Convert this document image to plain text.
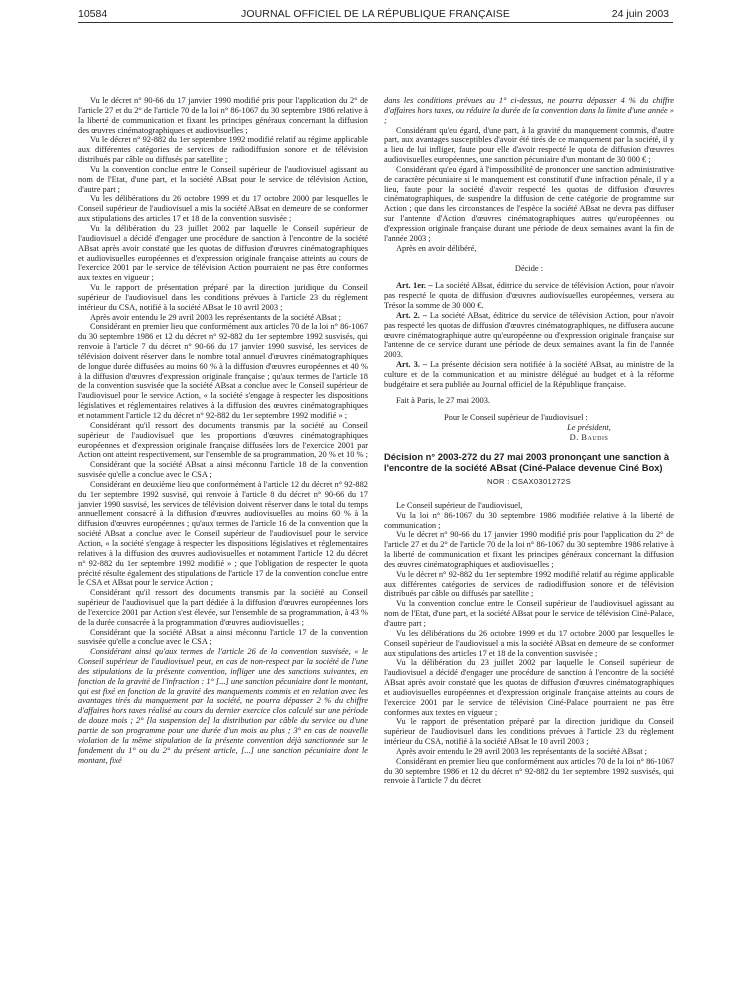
10584	JOURNAL OFFICIEL DE LA RÉPUBLIQUE FRANÇAISE	24 juin 2003

Vu le décret n° 90-66 du 17 janvier 1990 modifié pris pour l'application du 2° de l'article 27 et du 2° de l'article 70 de la loi n° 86-1067 du 30 septembre 1986 relative à la liberté de communication et fixant les principes généraux concernant la diffusion des œuvres cinématographiques et audiovisuelles ;

Vu le décret n° 92-882 du 1er septembre 1992 modifié relatif au régime applicable aux différentes catégories de services de radiodiffusion sonore et de télévision distribués par câble ou diffusés par satellite ;

Vu la convention conclue entre le Conseil supérieur de l'audiovisuel agissant au nom de l'Etat, d'une part, et la société ABsat pour le service de télévision Action, d'autre part ;

Vu les délibérations du 26 octobre 1999 et du 17 octobre 2000 par lesquelles le Conseil supérieur de l'audiovisuel a mis la société ABsat en demeure de se conformer aux stipulations des articles 17 et 18 de la convention susvisée ;

Vu la délibération du 23 juillet 2002 par laquelle le Conseil supérieur de l'audiovisuel a décidé d'engager une procédure de sanction à l'encontre de la société ABsat après avoir constaté que les quotas de diffusion d'œuvres cinématographiques et audiovisuelles européennes et d'expression originale française atteints au cours de l'exercice 2001 par le service de télévision Action pourraient ne pas être conformes aux textes en vigueur ;

Vu le rapport de présentation préparé par la direction juridique du Conseil supérieur de l'audiovisuel dans les conditions prévues à l'article 23 du règlement intérieur du CSA, notifié à la société ABsat le 10 avril 2003 ;

Après avoir entendu le 29 avril 2003 les représentants de la société ABsat ;

Considérant en premier lieu que conformément aux articles 70 de la loi n° 86-1067 du 30 septembre 1986 et 12 du décret n° 92-882 du 1er septembre 1992 susvisés, qui renvoie à l'article 7 du décret n° 90-66 du 17 janvier 1990 susvisé, les services de télévision doivent réserver dans le nombre total annuel d'œuvres cinématographiques de longue durée diffusées au moins 60 % à la diffusion d'œuvres européennes et 40 % à la diffusion d'œuvres d'expression originale française ; qu'aux termes de l'article 18 de la convention susvisée que la société ABsat a conclue avec le Conseil supérieur de l'audiovisuel pour le service Action, « la société s'engage à respecter les dispositions législatives et réglementaires relatives à la diffusion des œuvres cinématographiques et notamment l'article 12 du décret n° 92-882 du 1er septembre 1992 modifié » ;

Considérant qu'il ressort des documents transmis par la société au Conseil supérieur de l'audiovisuel que les proportions d'œuvres cinématographiques européennes et d'expression originale française diffusées lors de l'exercice 2001 par Action ont atteint respectivement, sur l'ensemble de sa programmation, 20 % et 10 % ;

Considérant que la société ABsat a ainsi méconnu l'article 18 de la convention susvisée qu'elle a conclue avec le CSA ;

Considérant en deuxième lieu que conformément à l'article 12 du décret n° 92-882 du 1er septembre 1992 susvisé, qui renvoie à l'article 8 du décret n° 90-66 du 17 janvier 1990 susvisé, les services de télévision doivent réserver dans le total du temps annuellement consacré à la diffusion d'œuvres audiovisuelles au moins 60 % à la diffusion d'œuvres européennes ; qu'aux termes de l'article 16 de la convention que la société ABsat a conclue avec le Conseil supérieur de l'audiovisuel pour le service Action, « la société s'engage à respecter les dispositions législatives et réglementaires relatives à la diffusion des œuvres audiovisuelles et notamment l'article 12 du décret n° 92-882 du 1er septembre 1992 modifié » ; que l'obligation de respecter le quota précité résulte également des stipulations de l'article 17 de la convention conclue entre le CSA et ABsat pour le service Action ;

Considérant qu'il ressort des documents transmis par la société au Conseil supérieur de l'audiovisuel que la part dédiée à la diffusion d'œuvres européennes lors de l'exercice 2001 par Action s'est élevée, sur l'ensemble de sa programmation, à 43 % de la durée consacrée à la programmation d'œuvres audiovisuelles ;

Considérant que la société ABsat a ainsi méconnu l'article 17 de la convention susvisée qu'elle a conclue avec le CSA ;

Considérant ainsi qu'aux termes de l'article 26 de la convention susvisée, « le Conseil supérieur de l'audiovisuel peut, en cas de non-respect par la société de l'une des stipulations de la présente convention, infliger une des sanctions suivantes, en fonction de la gravité de l'infraction : 1° [...] une sanction pécuniaire dont le montant, qui est fixé en fonction de la gravité des manquements commis et en relation avec les avantages tirés du manquement par la société, ne pourra dépasser 2 % du chiffre d'affaires hors taxes réalisé au cours du dernier exercice clos calculé sur une période de douze mois ; 2° [la suspension de] la distribution par câble du service ou d'une partie de son programme pour une durée d'un mois au plus ; 3° en cas de nouvelle violation de la même stipulation de la présente convention déjà sanctionnée sur le fondement du 1° ou du 2° du présent article, [...] une sanction pécuniaire dont le montant, fixé

dans les conditions prévues au 1° ci-dessus, ne pourra dépasser 4 % du chiffre d'affaires hors taxes, ou réduire la durée de la convention dans la limite d'une année » ;

Considérant qu'eu égard, d'une part, à la gravité du manquement commis, d'autre part, aux avantages susceptibles d'avoir été tirés de ce manquement par la société, il y a lieu de lui infliger, faute pour elle d'avoir respecté le quota de diffusion d'œuvres audiovisuelles européennes, une sanction pécuniaire d'un montant de 30 000 € ;

Considérant qu'eu égard à l'impossibilité de prononcer une sanction administrative de caractère pécuniaire si le manquement est constitutif d'une infraction pénale, il y a lieu, faute pour la société d'avoir respecté les quotas de diffusion d'œuvres cinématographiques, de suspendre la diffusion de cette catégorie de programme sur Action ; que dans les circonstances de l'espèce la société ABsat ne devra pas diffuser sur l'antenne d'Action d'œuvres cinématographiques autres qu'européennes ou d'expression originale française durant une période de deux semaines avant la fin de l'année 2003 ;

Après en avoir délibéré,

Décide :

Art. 1er. – La société ABsat, éditrice du service de télévision Action, pour n'avoir pas respecté le quota de diffusion d'œuvres audiovisuelles européennes, versera au Trésor la somme de 30 000 €.

Art. 2. – La société ABsat, éditrice du service de télévision Action, pour n'avoir pas respecté les quotas de diffusion d'œuvres cinématographiques, ne diffusera aucune œuvre cinématographique autre qu'européenne ou d'expression originale française sur l'antenne de ce service durant une période de deux semaines avant la fin de l'année 2003.

Art. 3. – La présente décision sera notifiée à la société ABsat, au ministre de la culture et de la communication et au ministre délégué au budget et à la réforme budgétaire et sera publiée au Journal officiel de la République française.

Fait à Paris, le 27 mai 2003.

Pour le Conseil supérieur de l'audiovisuel :

Le président,

D. Baudis

Décision n° 2003-272 du 27 mai 2003 prononçant une sanction à l'encontre de la société ABsat (Ciné-Palace devenue Ciné Box)

NOR : CSAX0301272S

Le Conseil supérieur de l'audiovisuel,

Vu la loi n° 86-1067 du 30 septembre 1986 modifiée relative à la liberté de communication ;

Vu le décret n° 90-66 du 17 janvier 1990 modifié pris pour l'application du 2° de l'article 27 et du 2° de l'article 70 de la loi n° 86-1067 du 30 septembre 1986 relative à la liberté de communication et fixant les principes généraux concernant la diffusion des œuvres cinématographiques et audiovisuelles ;

Vu le décret n° 92-882 du 1er septembre 1992 modifié relatif au régime applicable aux différentes catégories de services de radiodiffusion sonore et de télévision distribués par câble ou diffusés par satellite ;

Vu la convention conclue entre le Conseil supérieur de l'audiovisuel agissant au nom de l'Etat, d'une part, et la société ABsat pour le service de télévision Ciné-Palace, d'autre part ;

Vu les délibérations du 26 octobre 1999 et du 17 octobre 2000 par lesquelles le Conseil supérieur de l'audiovisuel a mis la société ABsat en demeure de se conformer aux stipulations des articles 17 et 18 de la convention susvisée ;

Vu la délibération du 23 juillet 2002 par laquelle le Conseil supérieur de l'audiovisuel a décidé d'engager une procédure de sanction à l'encontre de la société ABsat après avoir constaté que les quotas de diffusion d'œuvres cinématographiques et audiovisuelles européennes et d'expression originale française atteints au cours de l'exercice 2001 par le service de télévision Ciné-Palace pourraient ne pas être conformes aux textes en vigueur ;

Vu le rapport de présentation préparé par la direction juridique du Conseil supérieur de l'audiovisuel dans les conditions prévues à l'article 23 du règlement intérieur du CSA, notifié à la société ABsat le 10 avril 2003 ;

Après avoir entendu le 29 avril 2003 les représentants de la société ABsat ;

Considérant en premier lieu que conformément aux articles 70 de la loi n° 86-1067 du 30 septembre 1986 et 12 du décret n° 92-882 du 1er septembre 1992 susvisés, qui renvoie à l'article 7 du décret
